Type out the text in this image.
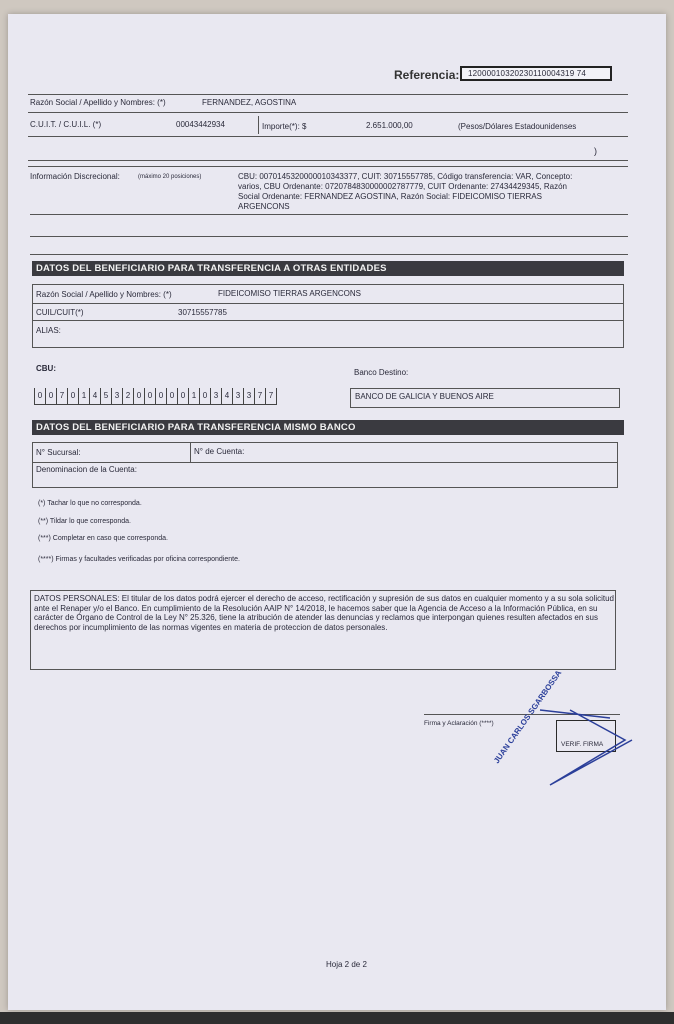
Referencia:	12000010320230110004319 74
Razón Social / Apellido y Nombres: (*)	FERNANDEZ, AGOSTINA
C.U.I.T. / C.U.I.L. (*)	00043442934	Importe(*): $	2.651.000,00	(Pesos/Dólares Estadounidenses
)
Información Discrecional:	(máximo 20 posiciones)	CBU: 0070145320000010343377, CUIT: 30715557785, Código transferencia: VAR, Concepto:
varios, CBU Ordenante: 0720784830000002787779, CUIT Ordenante: 27434429345, Razón
Social Ordenante: FERNANDEZ AGOSTINA, Razón Social: FIDEICOMISO TIERRAS
ARGENCONS
DATOS DEL BENEFICIARIO PARA TRANSFERENCIA A OTRAS ENTIDADES
Razón Social / Apellido y Nombres: (*)	FIDEICOMISO TIERRAS ARGENCONS
CUIL/CUIT(*)	30715557785
ALIAS:
CBU:	Banco Destino:
0 0 7 0 1 4 5 3 2 0 0 0 0 0 1 0 3 4 3 3 7 7	BANCO DE GALICIA Y BUENOS AIRE
DATOS DEL BENEFICIARIO PARA TRANSFERENCIA MISMO BANCO
N° Sucursal:	N° de Cuenta:
Denominacion de la Cuenta:
(*) Tachar lo que no corresponda.
(**) Tildar lo que corresponda.
(***) Completar en caso que corresponda.
(****) Firmas y facultades verificadas por oficina correspondiente.
DATOS PERSONALES: El titular de los datos podrá ejercer el derecho de acceso, rectificación y supresión de sus datos en cualquier momento y a su sola solicitud ante el Renaper y/o el Banco. En cumplimiento de la Resolución AAIP N° 14/2018, le hacemos saber que la Agencia de Acceso a la Información Pública, en su carácter de Órgano de Control de la Ley N° 25.326, tiene la atribución de atender las denuncias y reclamos que interpongan quienes resulten afectados en sus derechos por incumplimiento de las normas vigentes en materia de proteccion de datos personales.
Firma y Aclaración (****)
JUAN CARLOS SGARBOSSA
VERIF. FIRMA
Hoja 2 de 2
